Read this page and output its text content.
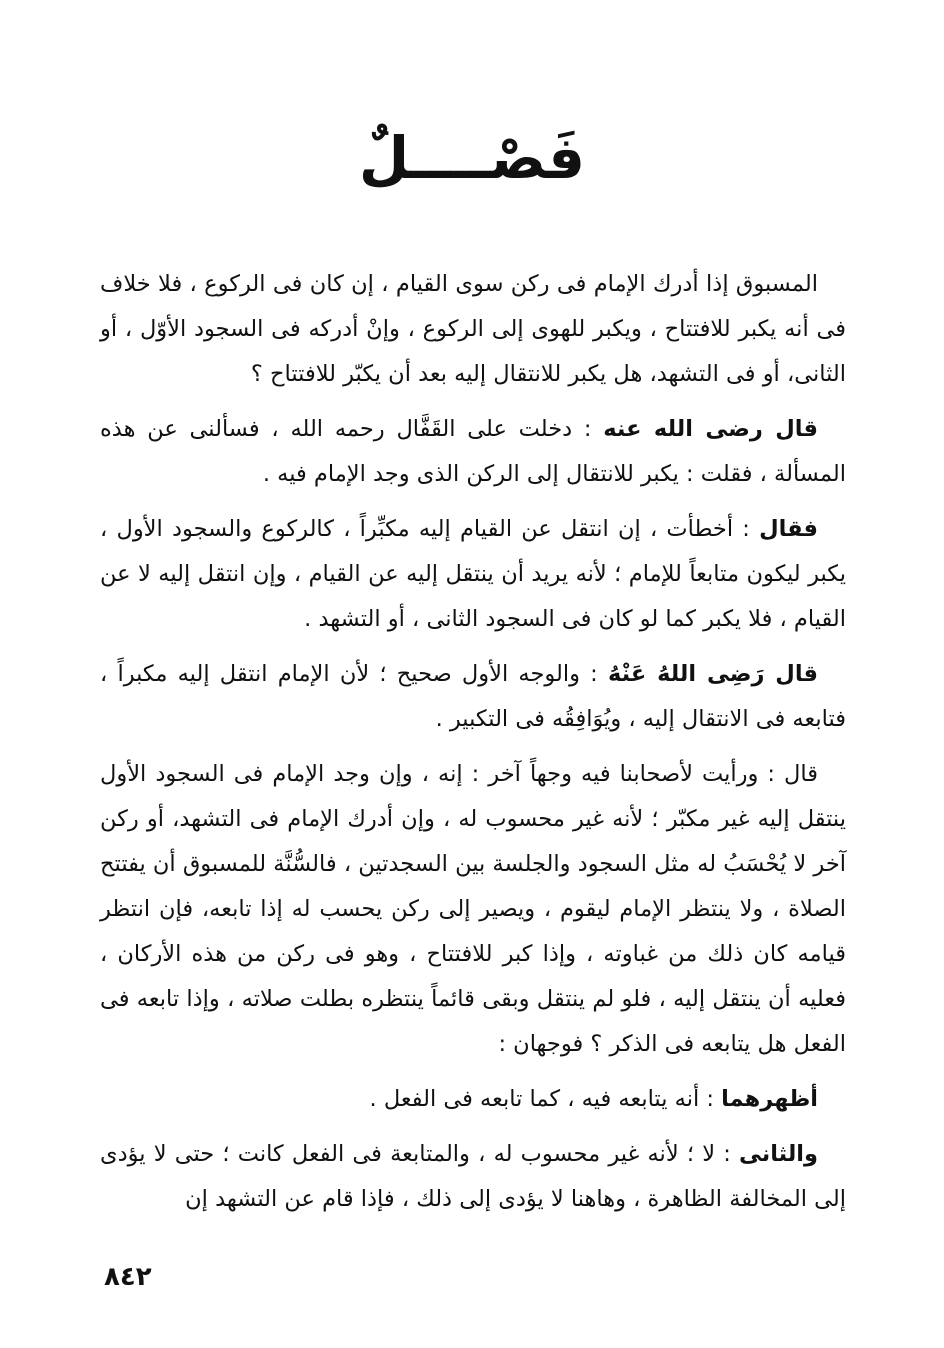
فَصْــــلٌ

المسبوق إذا أدرك الإمام فى ركن سوى القيام ، إن كان فى الركوع ، فلا خلاف فى أنه يكبر للافتتاح ، ويكبر للهوى إلى الركوع ، وإنْ أدركه فى السجود الأوّل ، أو الثانى، أو فى التشهد، هل يكبر للانتقال إليه بعد أن يكبّر للافتتاح ؟

قال رضى الله عنه : دخلت على القَفَّال رحمه الله ، فسألنى عن هذه المسألة ، فقلت : يكبر للانتقال إلى الركن الذى وجد الإمام فيه .

فقال : أخطأت ، إن انتقل عن القيام إليه مكبِّراً ، كالركوع والسجود الأول ، يكبر ليكون متابعاً للإمام ؛ لأنه يريد أن ينتقل إليه عن القيام ، وإن انتقل إليه لا عن القيام ، فلا يكبر كما لو كان فى السجود الثانى ، أو التشهد .

قال رَضِى اللهُ عَنْهُ : والوجه الأول صحيح ؛ لأن الإمام انتقل إليه مكبراً ، فتابعه فى الانتقال إليه ، ويُوَافِقُه فى التكبير .

قال : ورأيت لأصحابنا فيه وجهاً آخر : إنه ، وإن وجد الإمام فى السجود الأول ينتقل إليه غير مكبّر ؛ لأنه غير محسوب له ، وإن أدرك الإمام فى التشهد، أو ركن آخر لا يُحْسَبُ له مثل السجود والجلسة بين السجدتين ، فالسُّنَّة للمسبوق أن يفتتح الصلاة ، ولا ينتظر الإمام ليقوم ، ويصير إلى ركن يحسب له إذا تابعه، فإن انتظر قيامه كان ذلك من غباوته ، وإذا كبر للافتتاح ، وهو فى ركن من هذه الأركان ، فعليه أن ينتقل إليه ، فلو لم ينتقل وبقى قائماً ينتظره بطلت صلاته ، وإذا تابعه فى الفعل هل يتابعه فى الذكر ؟ فوجهان :

أظهرهما : أنه يتابعه فيه ، كما تابعه فى الفعل .

والثانى : لا ؛ لأنه غير محسوب له ، والمتابعة فى الفعل كانت ؛ حتى لا يؤدى إلى المخالفة الظاهرة ، وهاهنا لا يؤدى إلى ذلك ، فإذا قام عن التشهد إن

٨٤٢
